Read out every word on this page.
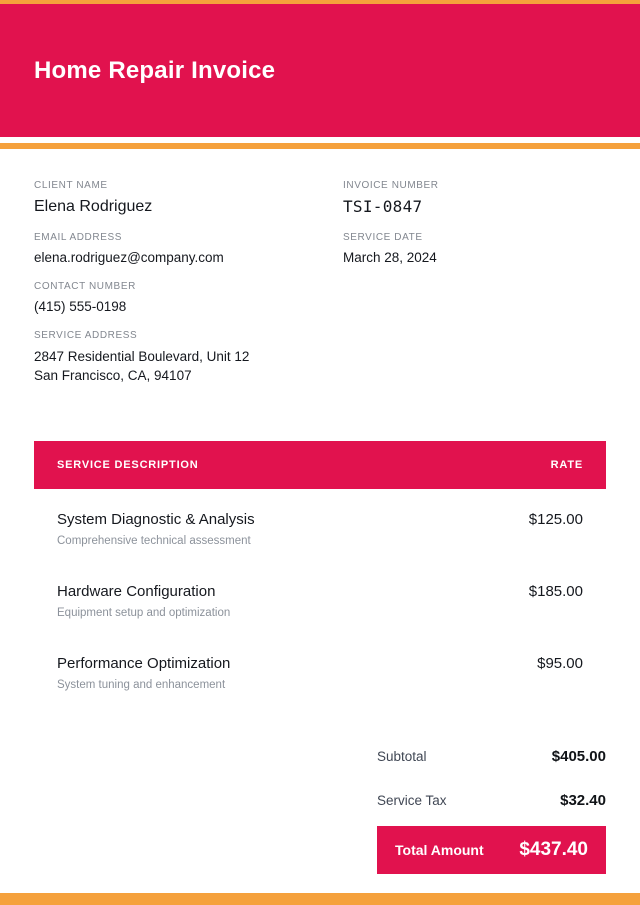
Home Repair Invoice
CLIENT NAME
Elena Rodriguez
EMAIL ADDRESS
elena.rodriguez@company.com
CONTACT NUMBER
(415) 555-0198
SERVICE ADDRESS
2847 Residential Boulevard, Unit 12
San Francisco, CA, 94107
INVOICE NUMBER
TSI-0847
SERVICE DATE
March 28, 2024
SERVICE DESCRIPTION	RATE
System Diagnostic & Analysis
Comprehensive technical assessment
$125.00
Hardware Configuration
Equipment setup and optimization
$185.00
Performance Optimization
System tuning and enhancement
$95.00
Subtotal	$405.00
Service Tax	$32.40
Total Amount $437.40
